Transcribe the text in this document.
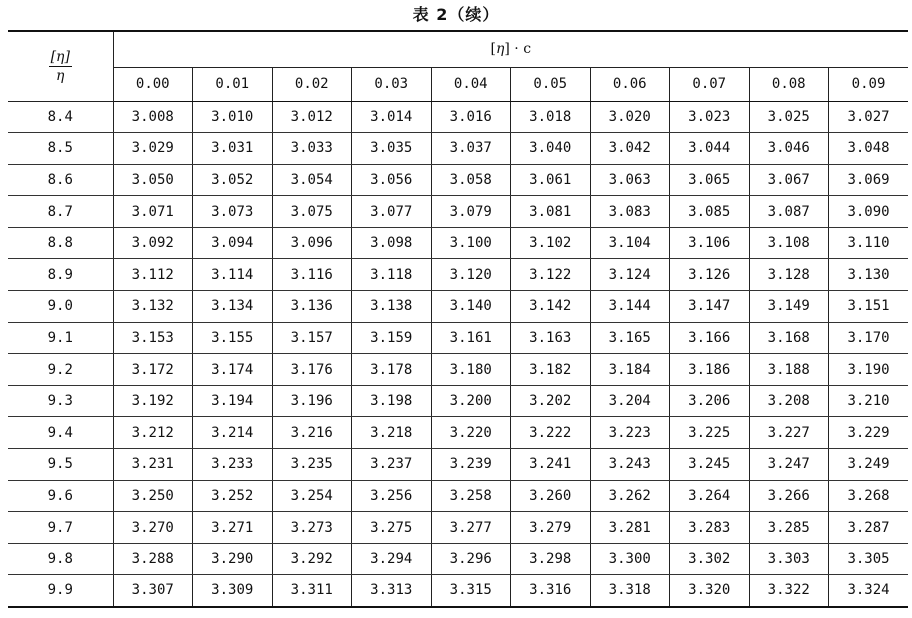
表 2（续）
$\frac{[\eta]}{\eta}$	[η] · c									
	0.00	0.01	0.02	0.03	0.04	0.05	0.06	0.07	0.08	0.09
8.4	3.008	3.010	3.012	3.014	3.016	3.018	3.020	3.023	3.025	3.027
8.5	3.029	3.031	3.033	3.035	3.037	3.040	3.042	3.044	3.046	3.048
8.6	3.050	3.052	3.054	3.056	3.058	3.061	3.063	3.065	3.067	3.069
8.7	3.071	3.073	3.075	3.077	3.079	3.081	3.083	3.085	3.087	3.090
8.8	3.092	3.094	3.096	3.098	3.100	3.102	3.104	3.106	3.108	3.110
8.9	3.112	3.114	3.116	3.118	3.120	3.122	3.124	3.126	3.128	3.130
9.0	3.132	3.134	3.136	3.138	3.140	3.142	3.144	3.147	3.149	3.151
9.1	3.153	3.155	3.157	3.159	3.161	3.163	3.165	3.166	3.168	3.170
9.2	3.172	3.174	3.176	3.178	3.180	3.182	3.184	3.186	3.188	3.190
9.3	3.192	3.194	3.196	3.198	3.200	3.202	3.204	3.206	3.208	3.210
9.4	3.212	3.214	3.216	3.218	3.220	3.222	3.223	3.225	3.227	3.229
9.5	3.231	3.233	3.235	3.237	3.239	3.241	3.243	3.245	3.247	3.249
9.6	3.250	3.252	3.254	3.256	3.258	3.260	3.262	3.264	3.266	3.268
9.7	3.270	3.271	3.273	3.275	3.277	3.279	3.281	3.283	3.285	3.287
9.8	3.288	3.290	3.292	3.294	3.296	3.298	3.300	3.302	3.303	3.305
9.9	3.307	3.309	3.311	3.313	3.315	3.316	3.318	3.320	3.322	3.324
